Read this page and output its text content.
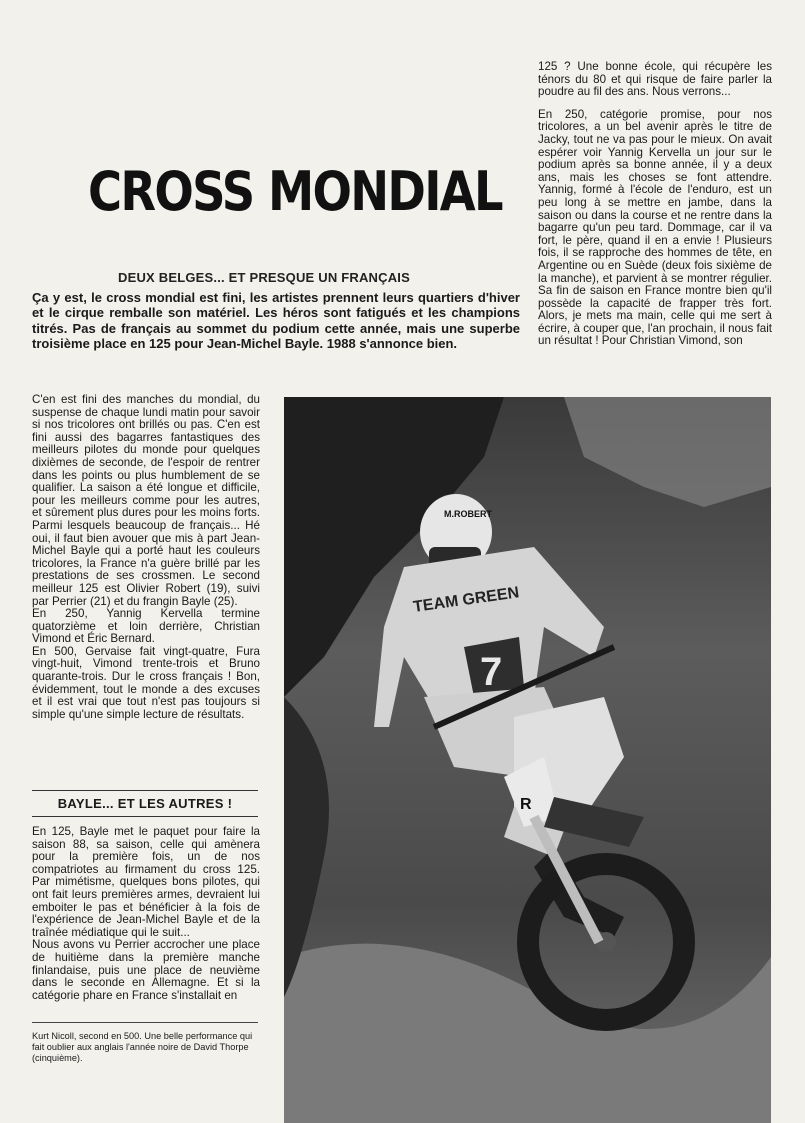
CROSS MONDIAL
DEUX BELGES... ET PRESQUE UN FRANÇAIS
Ça y est, le cross mondial est fini, les artistes prennent leurs quartiers d'hiver et le cirque remballe son matériel. Les héros sont fatigués et les champions titrés. Pas de français au sommet du podium cette année, mais une superbe troisième place en 125 pour Jean-Michel Bayle. 1988 s'annonce bien.

125 ? Une bonne école, qui récupère les ténors du 80 et qui risque de faire parler la poudre au fil des ans. Nous verrons...

En 250, catégorie promise, pour nos tricolores, a un bel avenir après le titre de Jacky, tout ne va pas pour le mieux. On avait espérer voir Yannig Kervella un jour sur le podium après sa bonne année, il y a deux ans, mais les choses se font attendre. Yannig, formé à l'école de l'enduro, est un peu long à se mettre en jambe, dans la saison ou dans la course et ne rentre dans la bagarre qu'un peu tard. Dommage, car il va fort, le père, quand il en a envie ! Plusieurs fois, il se rapproche des hommes de tête, en Argentine ou en Suède (deux fois sixième de la manche), et parvient à se montrer régulier. Sa fin de saison en France montre bien qu'il possède la capacité de frapper très fort. Alors, je mets ma main, celle qui me sert à écrire, à couper que, l'an prochain, il nous fait un résultat ! Pour Christian Vimond, son

C'en est fini des manches du mondial, du suspense de chaque lundi matin pour savoir si nos tricolores ont brillés ou pas. C'en est fini aussi des bagarres fantastiques des meilleurs pilotes du monde pour quelques dixièmes de seconde, de l'espoir de rentrer dans les points ou plus humblement de se qualifier. La saison a été longue et difficile, pour les meilleurs comme pour les autres, et sûrement plus dures pour les moins forts. Parmi lesquels beaucoup de français... Hé oui, il faut bien avouer que mis à part Jean-Michel Bayle qui a porté haut les couleurs tricolores, la France n'a guère brillé par les prestations de ses crossmen. Le second meilleur 125 est Olivier Robert (19), suivi par Perrier (21) et du frangin Bayle (25).

En 250, Yannig Kervella termine quatorzième et loin derrière, Christian Vimond et Éric Bernard.

En 500, Gervaise fait vingt-quatre, Fura vingt-huit, Vimond trente-trois et Bruno quarante-trois. Dur le cross français ! Bon, évidemment, tout le monde a des excuses et il est vrai que tout n'est pas toujours si simple qu'une simple lecture de résultats.

BAYLE... ET LES AUTRES !

En 125, Bayle met le paquet pour faire la saison 88, sa saison, celle qui amènera pour la première fois, un de nos compatriotes au firmament du cross 125. Par mimétisme, quelques bons pilotes, qui ont fait leurs premières armes, devraient lui emboiter le pas et bénéficier à la fois de l'expérience de Jean-Michel Bayle et de la traînée médiatique qui le suit...

Nous avons vu Perrier accrocher une place de huitième dans la première manche finlandaise, puis une place de neuvième dans le seconde en Allemagne. Et si la catégorie phare en France s'installait en

Kurt Nicoll, second en 500. Une belle performance qui fait oublier aux anglais l'année noire de David Thorpe (cinquième).
M.ROBERT
TEAM GREEN
7
R
